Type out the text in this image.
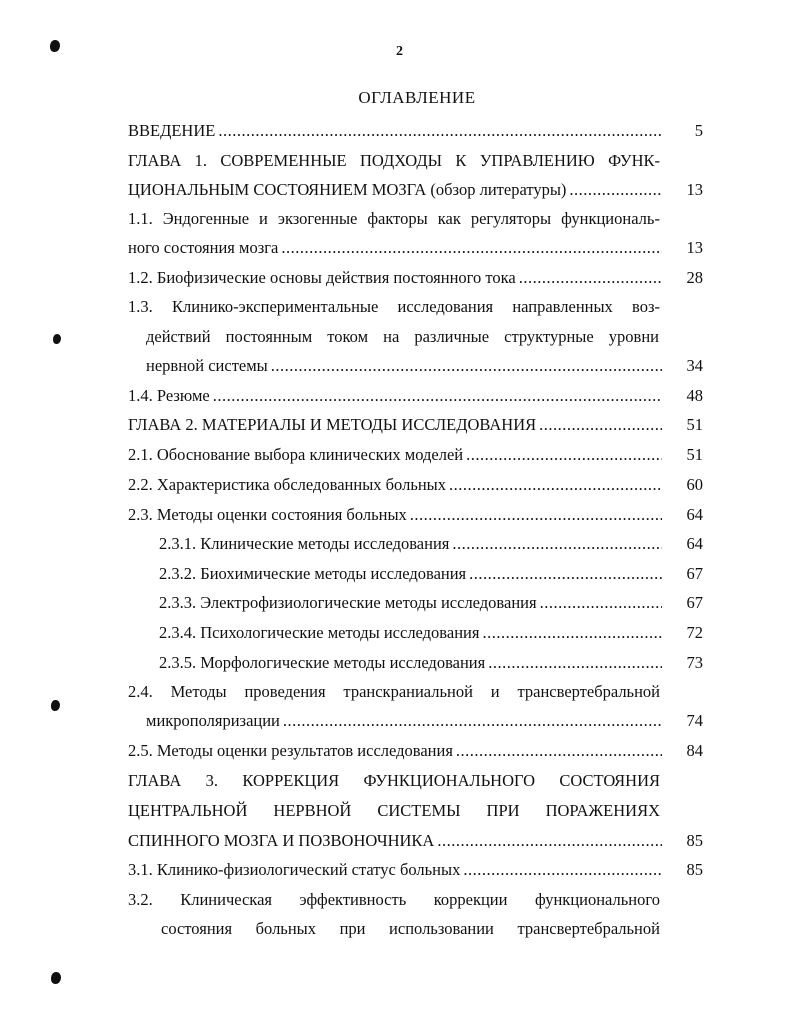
2
ОГЛАВЛЕНИЕ
ВВЕДЕНИЕ .....	5
ГЛАВА 1. СОВРЕМЕННЫЕ ПОДХОДЫ К УПРАВЛЕНИЮ ФУНК-
ЦИОНАЛЬНЫМ СОСТОЯНИЕМ МОЗГА (обзор литературы) .....	13
1.1. Эндогенные и экзогенные факторы как регуляторы функциональ-
ного состояния мозга .....	13
1.2. Биофизические основы действия постоянного тока .....	28
1.3. Клинико-экспериментальные исследования направленных воз-
действий постоянным током на различные структурные уровни
нервной системы .....	34
1.4. Резюме .....	48
ГЛАВА 2. МАТЕРИАЛЫ И МЕТОДЫ ИССЛЕДОВАНИЯ .....	51
2.1. Обоснование выбора клинических моделей .....	51
2.2. Характеристика обследованных больных .....	60
2.3. Методы оценки состояния больных .....	64
2.3.1. Клинические методы исследования .....	64
2.3.2. Биохимические методы исследования .....	67
2.3.3. Электрофизиологические методы исследования .....	67
2.3.4. Психологические методы исследования .....	72
2.3.5. Морфологические методы исследования .....	73
2.4. Методы проведения транскраниальной и трансвертебральной
микрополяризации .....	74
2.5. Методы оценки результатов исследования .....	84
ГЛАВА 3. КОРРЕКЦИЯ ФУНКЦИОНАЛЬНОГО СОСТОЯНИЯ
ЦЕНТРАЛЬНОЙ НЕРВНОЙ СИСТЕМЫ ПРИ ПОРАЖЕНИЯХ
СПИННОГО МОЗГА И ПОЗВОНОЧНИКА .....	85
3.1. Клинико-физиологический статус больных .....	85
3.2. Клиническая эффективность коррекции функционального
состояния больных при использовании трансвертебральной
